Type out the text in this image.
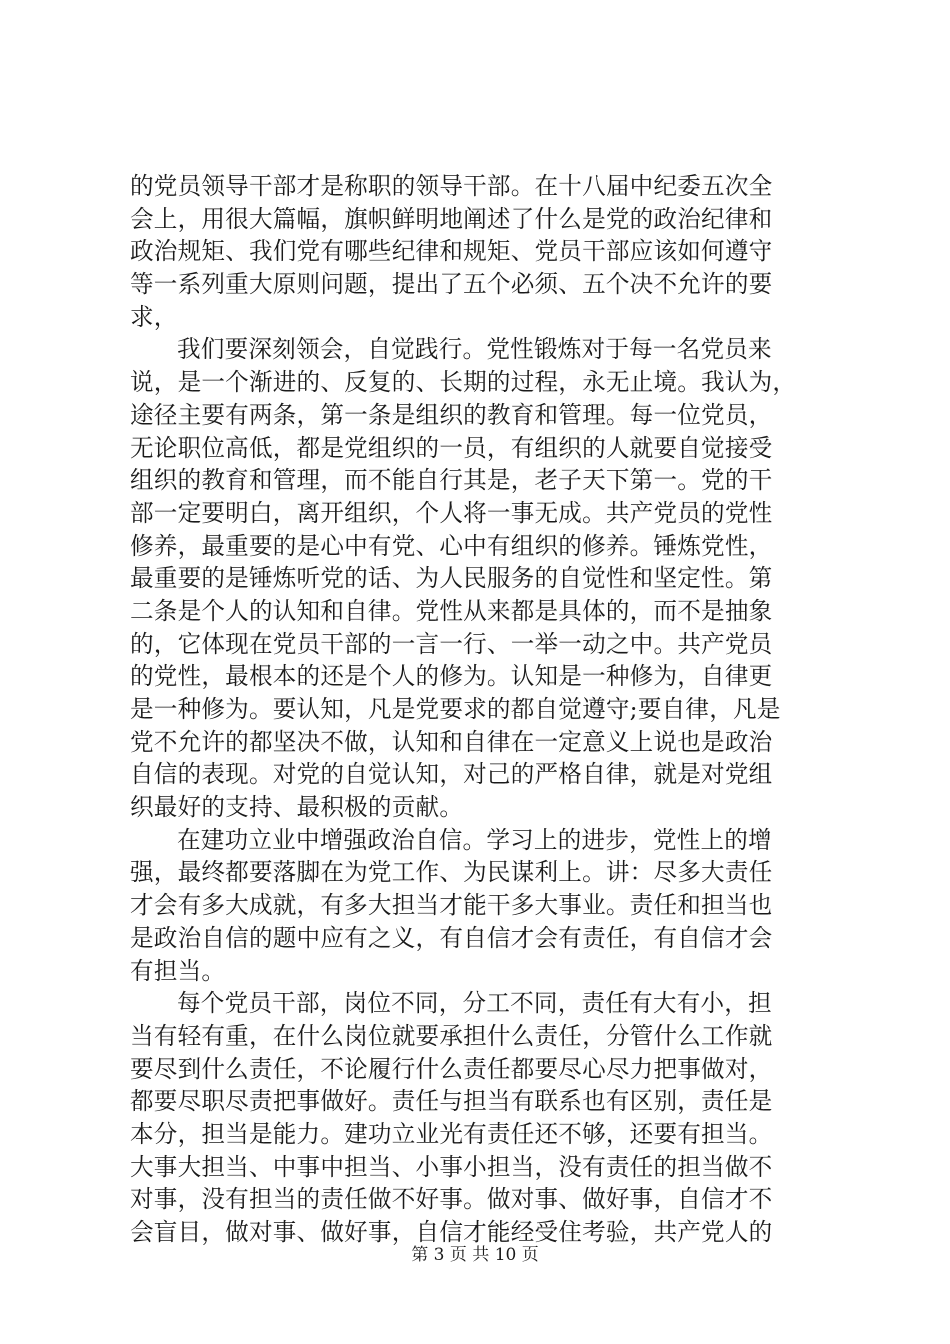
的党员领导干部才是称职的领导干部。在十八届中纪委五次全
会上，用很大篇幅，旗帜鲜明地阐述了什么是党的政治纪律和
政治规矩、我们党有哪些纪律和规矩、党员干部应该如何遵守
等一系列重大原则问题，提出了五个必须、五个决不允许的要
求，
我们要深刻领会，自觉践行。党性锻炼对于每一名党员来
说，是一个渐进的、反复的、长期的过程，永无止境。我认为，
途径主要有两条，第一条是组织的教育和管理。每一位党员，
无论职位高低，都是党组织的一员，有组织的人就要自觉接受
组织的教育和管理，而不能自行其是，老子天下第一。党的干
部一定要明白，离开组织，个人将一事无成。共产党员的党性
修养，最重要的是心中有党、心中有组织的修养。锤炼党性，
最重要的是锤炼听党的话、为人民服务的自觉性和坚定性。第
二条是个人的认知和自律。党性从来都是具体的，而不是抽象
的，它体现在党员干部的一言一行、一举一动之中。共产党员
的党性，最根本的还是个人的修为。认知是一种修为，自律更
是一种修为。要认知，凡是党要求的都自觉遵守;要自律，凡是
党不允许的都坚决不做，认知和自律在一定意义上说也是政治
自信的表现。对党的自觉认知，对己的严格自律，就是对党组
织最好的支持、最积极的贡献。
在建功立业中增强政治自信。学习上的进步，党性上的增
强，最终都要落脚在为党工作、为民谋利上。讲：尽多大责任
才会有多大成就，有多大担当才能干多大事业。责任和担当也
是政治自信的题中应有之义，有自信才会有责任，有自信才会
有担当。
每个党员干部，岗位不同，分工不同，责任有大有小，担
当有轻有重，在什么岗位就要承担什么责任，分管什么工作就
要尽到什么责任，不论履行什么责任都要尽心尽力把事做对，
都要尽职尽责把事做好。责任与担当有联系也有区别，责任是
本分，担当是能力。建功立业光有责任还不够，还要有担当。
大事大担当、中事中担当、小事小担当，没有责任的担当做不
对事，没有担当的责任做不好事。做对事、做好事，自信才不
会盲目，做对事、做好事，自信才能经受住考验，共产党人的
第 3 页 共 10 页
